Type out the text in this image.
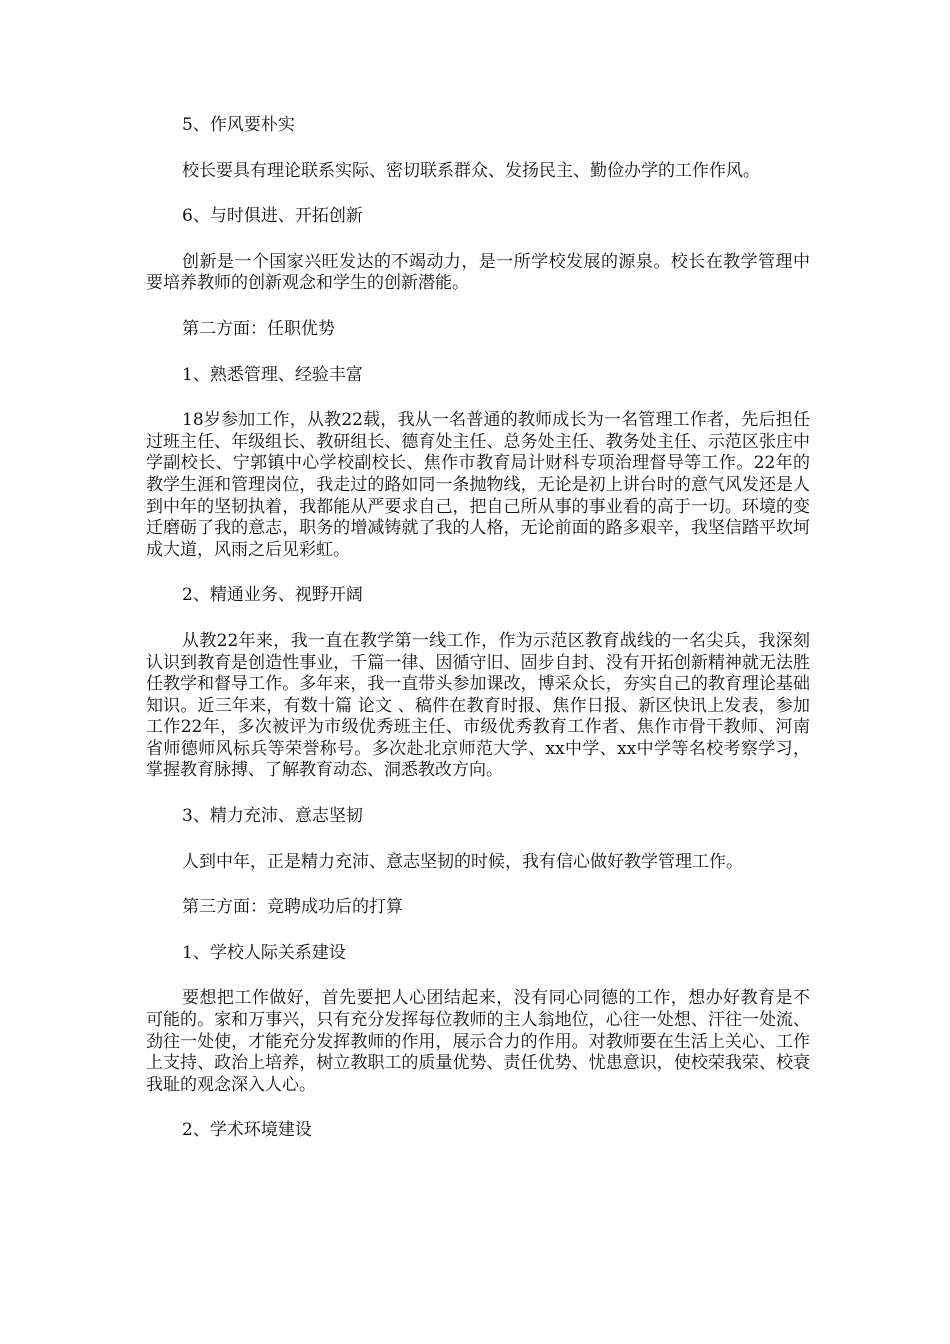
5、作风要朴实

校长要具有理论联系实际、密切联系群众、发扬民主、勤俭办学的工作作风。

6、与时俱进、开拓创新

创新是一个国家兴旺发达的不竭动力，是一所学校发展的源泉。校长在教学管理中要培养教师的创新观念和学生的创新潜能。

第二方面：任职优势

1、熟悉管理、经验丰富

18岁参加工作，从教22载，我从一名普通的教师成长为一名管理工作者，先后担任过班主任、年级组长、教研组长、德育处主任、总务处主任、教务处主任、示范区张庄中学副校长、宁郭镇中心学校副校长、焦作市教育局计财科专项治理督导等工作。22年的教学生涯和管理岗位，我走过的路如同一条抛物线，无论是初上讲台时的意气风发还是人到中年的坚韧执着，我都能从严要求自己，把自己所从事的事业看的高于一切。环境的变迁磨砺了我的意志，职务的增减铸就了我的人格，无论前面的路多艰辛，我坚信踏平坎坷成大道，风雨之后见彩虹。

2、精通业务、视野开阔

从教22年来，我一直在教学第一线工作，作为示范区教育战线的一名尖兵，我深刻认识到教育是创造性事业，千篇一律、因循守旧、固步自封、没有开拓创新精神就无法胜任教学和督导工作。多年来，我一直带头参加课改，博采众长，夯实自己的教育理论基础知识。近三年来，有数十篇 论文 、稿件在教育时报、焦作日报、新区快讯上发表，参加工作22年，多次被评为市级优秀班主任、市级优秀教育工作者、焦作市骨干教师、河南省师德师风标兵等荣誉称号。多次赴北京师范大学、xx中学、xx中学等名校考察学习，掌握教育脉搏、了解教育动态、洞悉教改方向。

3、精力充沛、意志坚韧

人到中年，正是精力充沛、意志坚韧的时候，我有信心做好教学管理工作。

第三方面：竞聘成功后的打算

1、学校人际关系建设

要想把工作做好，首先要把人心团结起来，没有同心同德的工作，想办好教育是不可能的。家和万事兴，只有充分发挥每位教师的主人翁地位，心往一处想、汗往一处流、劲往一处使，才能充分发挥教师的作用，展示合力的作用。对教师要在生活上关心、工作上支持、政治上培养，树立教职工的质量优势、责任优势、忧患意识，使校荣我荣、校衰我耻的观念深入人心。

2、学术环境建设
